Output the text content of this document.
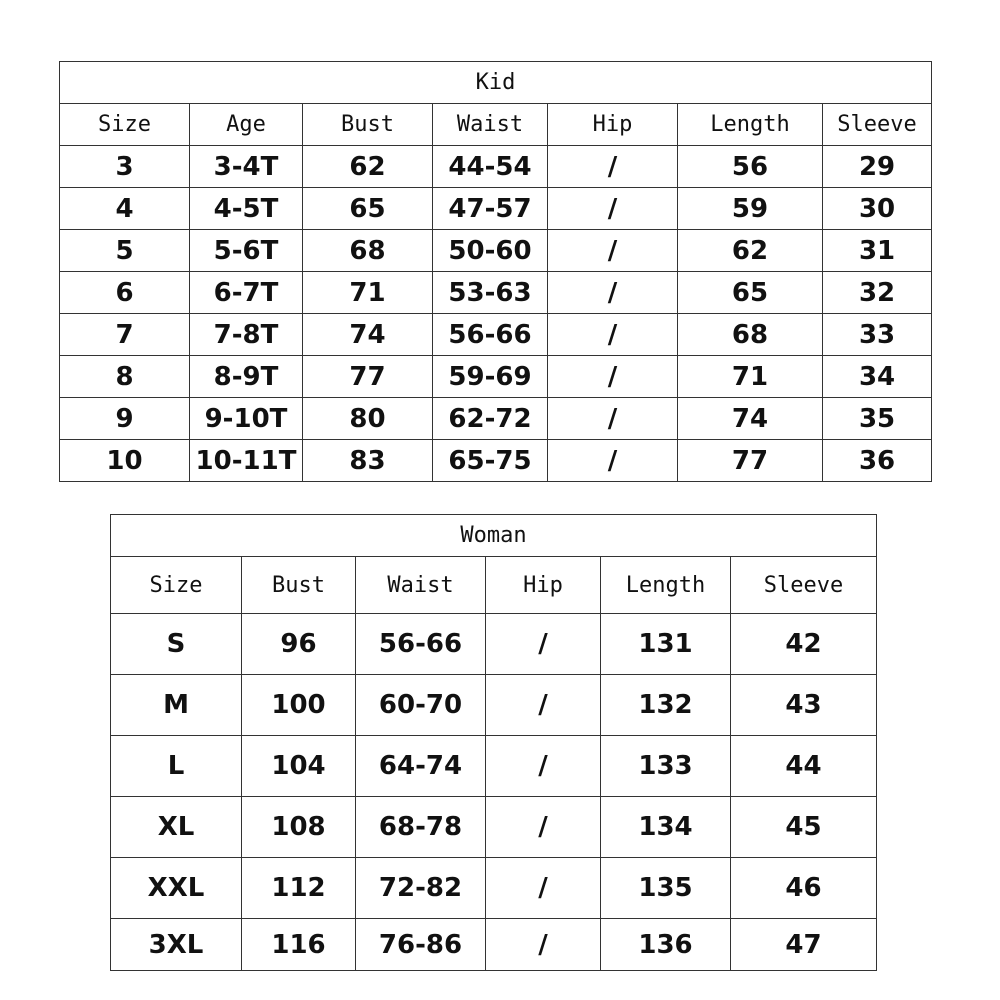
Kid						
Size	Age	Bust	Waist	Hip	Length	Sleeve
3	3-4T	62	44-54	/	56	29
4	4-5T	65	47-57	/	59	30
5	5-6T	68	50-60	/	62	31
6	6-7T	71	53-63	/	65	32
7	7-8T	74	56-66	/	68	33
8	8-9T	77	59-69	/	71	34
9	9-10T	80	62-72	/	74	35
10	10-11T	83	65-75	/	77	36
Woman					
Size	Bust	Waist	Hip	Length	Sleeve
S	96	56-66	/	131	42
M	100	60-70	/	132	43
L	104	64-74	/	133	44
XL	108	68-78	/	134	45
XXL	112	72-82	/	135	46
3XL	116	76-86	/	136	47
